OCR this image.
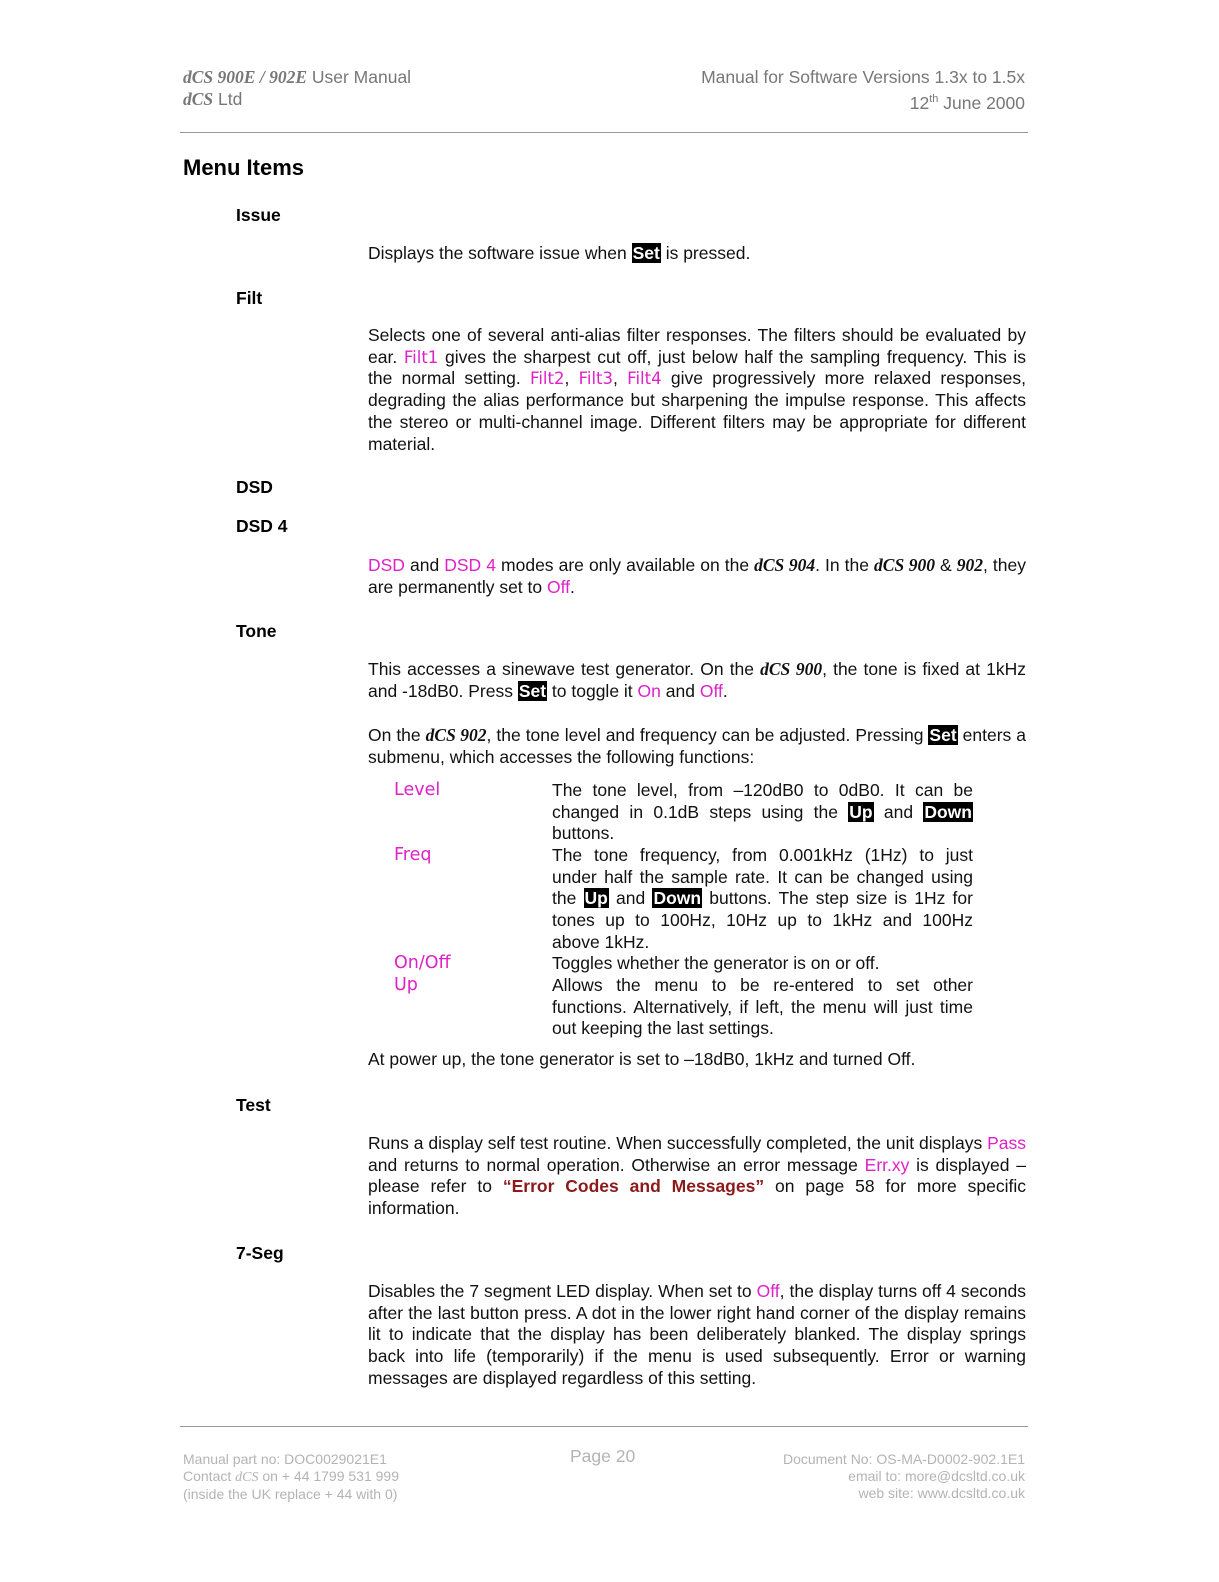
dCS 900E / 902E User Manual
dCS Ltd
Manual for Software Versions 1.3x to 1.5x
12th June 2000
Menu Items
Issue
Displays the software issue when Set is pressed.
Filt
Selects one of several anti-alias filter responses. The filters should be evaluated by ear. Filt1 gives the sharpest cut off, just below half the sampling frequency. This is the normal setting. Filt2, Filt3, Filt4 give progressively more relaxed responses, degrading the alias performance but sharpening the impulse response. This affects the stereo or multi-channel image. Different filters may be appropriate for different material.
DSD
DSD 4
DSD and DSD 4 modes are only available on the dCS 904. In the dCS 900 & 902, they are permanently set to Off.
Tone
This accesses a sinewave test generator. On the dCS 900, the tone is fixed at 1kHz and -18dB0. Press Set to toggle it On and Off.
On the dCS 902, the tone level and frequency can be adjusted. Pressing Set enters a submenu, which accesses the following functions:
Level	The tone level, from –120dB0 to 0dB0. It can be changed in 0.1dB steps using the Up and Down buttons.
Freq	The tone frequency, from 0.001kHz (1Hz) to just under half the sample rate. It can be changed using the Up and Down buttons. The step size is 1Hz for tones up to 100Hz, 10Hz up to 1kHz and 100Hz above 1kHz.
On/Off	Toggles whether the generator is on or off.
Up	Allows the menu to be re-entered to set other functions. Alternatively, if left, the menu will just time out keeping the last settings.
At power up, the tone generator is set to –18dB0, 1kHz and turned Off.
Test
Runs a display self test routine. When successfully completed, the unit displays Pass and returns to normal operation. Otherwise an error message Err.xy is displayed – please refer to “Error Codes and Messages” on page 58 for more specific information.
7-Seg
Disables the 7 segment LED display. When set to Off, the display turns off 4 seconds after the last button press. A dot in the lower right hand corner of the display remains lit to indicate that the display has been deliberately blanked. The display springs back into life (temporarily) if the menu is used subsequently. Error or warning messages are displayed regardless of this setting.
Manual part no: DOC0029021E1
Contact dCS on + 44 1799 531 999
(inside the UK replace + 44 with 0)
Page 20	Document No: OS-MA-D0002-902.1E1
email to: more@dcsltd.co.uk
web site: www.dcsltd.co.uk
